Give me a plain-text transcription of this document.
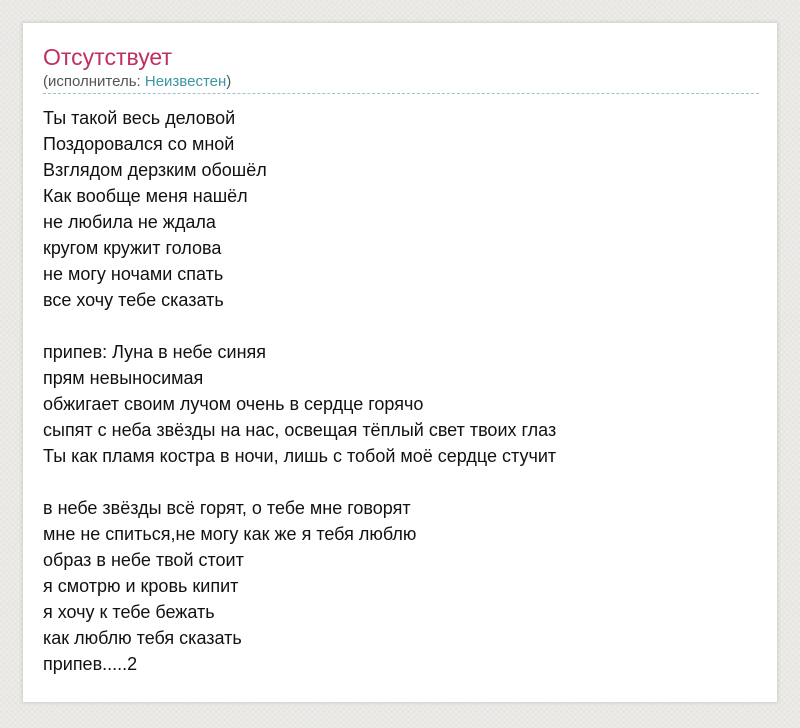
Отсутствует
(исполнитель: Неизвестен)
Ты такой весь деловой
Поздоровался со мной
Взглядом дерзким обошёл
Как вообще меня нашёл
не любила не ждала
кругом кружит голова
не могу ночами спать
все хочу тебе сказать
припев: Луна в небе синяя
прям невыносимая
обжигает своим лучом очень в сердце горячо
сыпят с неба звёзды на нас, освещая тёплый свет твоих глаз
Ты как пламя костра в ночи, лишь с тобой моё сердце стучит
в небе звёзды всё горят, о тебе мне говорят
мне не спиться,не могу как же я тебя люблю
образ в небе твой стоит
я смотрю и кровь кипит
я хочу к тебе бежать
как люблю тебя сказать
припев.....2
